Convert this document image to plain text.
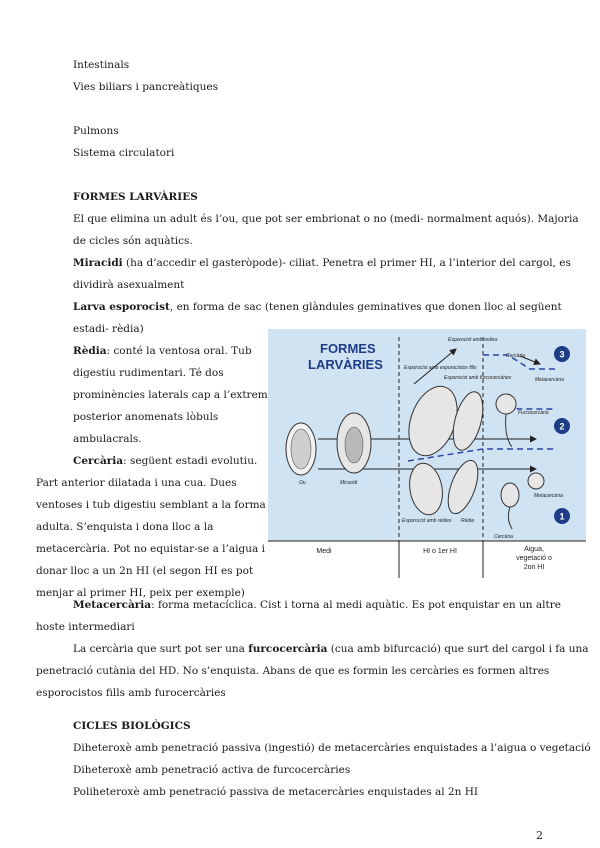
Intestinals
Vies biliars i pancreàtiques
Pulmons
Sistema circulatori
FORMES LARVÀRIES
El que elimina un adult és l’ou, que pot ser embrionat o no (medi- normalment aquós). Majoria
de cicles són aquàtics.
Miracidi (ha d’accedir el gasteròpode)- ciliat. Penetra el primer HI, a l’interior del cargol, es
dividirà asexualment
Larva esporocist, en forma de sac (tenen glàndules geminatives que donen lloc al següent
estadi- rèdia)
Rèdia: conté la ventosa oral. Tub
digestiu rudimentari. Té dos
prominències laterals cap a l’extrem
posterior anomenats lòbuls
ambulacrals.
Cercària: següent estadi evolutiu.
Part anterior dilatada i una cua. Dues
ventoses i tub digestiu semblant a la forma
adulta. S’enquista i dona lloc a la
metacercària. Pot no equistar-se a l’aigua i
donar lloc a un 2n HI (el segon HI es pot
menjar al primer HI, peix per exemple)
Metacercària: forma metacíclica. Cist i torna al medi aquàtic. Es pot enquistar en un altre
hoste intermediari
La cercària que surt pot ser una furcocercària (cua amb bifurcació) que surt del cargol i fa una
penetració cutània del HD. No s’enquista. Abans de que es formin les cercàries es formen altres
esporocistos fills amb furocercàries
CICLES BIOLÒGICS
Diheteroxè amb penetració passiva (ingestió) de metacercàries enquistades a l’aigua o vegetació
Diheteroxè amb penetració activa de furcocercàries
Poliheteroxè amb penetració passiva de metacercàries enquistades al 2n HI
2
FORMES
LARVÀRIES
Ou	Miracidi
Esporocist amb esporocistos fills
Esporocist amb redies
Esporocist amb furcocercàries
Esporocist amb rèdies Rèdia
Cercària
Metacercària
Furcocercària
Metacercària
Cercària
3
2
1
Medi	HI o 1er HI	Aigua,
vegetació o
2on HI
